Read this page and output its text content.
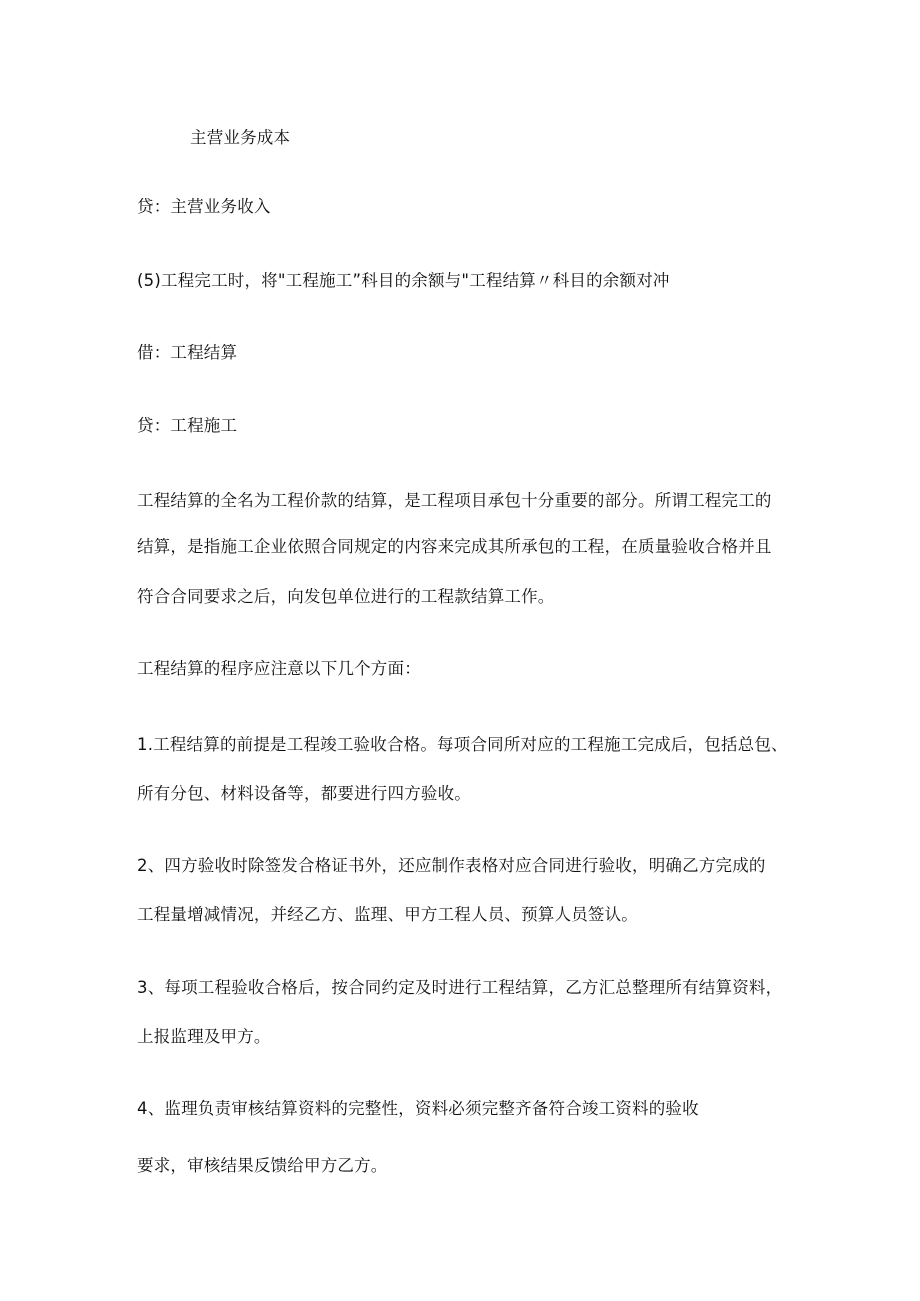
主营业务成本
贷：主营业务收入
(5)工程完工时，将"工程施工”科目的余额与"工程结算〃科目的余额对冲
借：工程结算
贷：工程施工
工程结算的全名为工程价款的结算，是工程项目承包十分重要的部分。所谓工程完工的
结算，是指施工企业依照合同规定的内容来完成其所承包的工程，在质量验收合格并且
符合合同要求之后，向发包单位进行的工程款结算工作。
工程结算的程序应注意以下几个方面：
1.工程结算的前提是工程竣工验收合格。每项合同所对应的工程施工完成后，包括总包、
所有分包、材料设备等，都要进行四方验收。
2、四方验收时除签发合格证书外，还应制作表格对应合同进行验收，明确乙方完成的
工程量增减情况，并经乙方、监理、甲方工程人员、预算人员签认。
3、每项工程验收合格后，按合同约定及时进行工程结算，乙方汇总整理所有结算资料，
上报监理及甲方。
4、监理负责审核结算资料的完整性，资料必须完整齐备符合竣工资料的验收
要求，审核结果反馈给甲方乙方。
